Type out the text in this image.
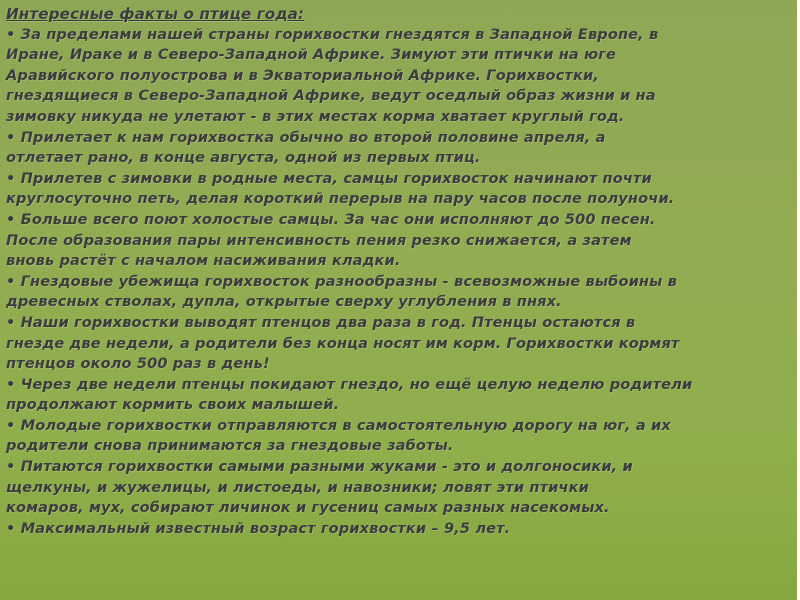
Интересные факты о птице года:

• За пределами нашей страны горихвостки гнездятся в Западной Европе, в

Иране, Ираке и в Северо-Западной Африке. Зимуют эти птички на юге

Аравийского полуострова и в Экваториальной Африке. Горихвостки,

гнездящиеся в Северо-Западной Африке, ведут оседлый образ жизни и на

зимовку никуда не улетают - в этих местах корма хватает круглый год.

• Прилетает к нам горихвостка обычно во второй половине апреля, а

отлетает рано, в конце августа, одной из первых птиц.

• Прилетев с зимовки в родные места, самцы горихвосток начинают почти

круглосуточно петь, делая короткий перерыв на пару часов после полуночи.

• Больше всего поют холостые самцы. За час они исполняют до 500 песен.

После образования пары интенсивность пения резко снижается, а затем

вновь растёт с началом насиживания кладки.

• Гнездовые убежища горихвосток разнообразны - всевозможные выбоины в

древесных стволах, дупла, открытые сверху углубления в пнях.

• Наши горихвостки выводят птенцов два раза в год. Птенцы остаются в

гнезде две недели, а родители без конца носят им корм. Горихвостки кормят

птенцов около 500 раз в день!

• Через две недели птенцы покидают гнездо, но ещё целую неделю родители

продолжают кормить своих малышей.

• Молодые горихвостки отправляются в самостоятельную дорогу на юг, а их

родители снова принимаются за гнездовые заботы.

• Питаются горихвостки самыми разными жуками - это и долгоносики, и

щелкуны, и жужелицы, и листоеды, и навозники; ловят эти птички

комаров, мух, собирают личинок и гусениц самых разных насекомых.

• Максимальный известный возраст горихвостки – 9,5 лет.
